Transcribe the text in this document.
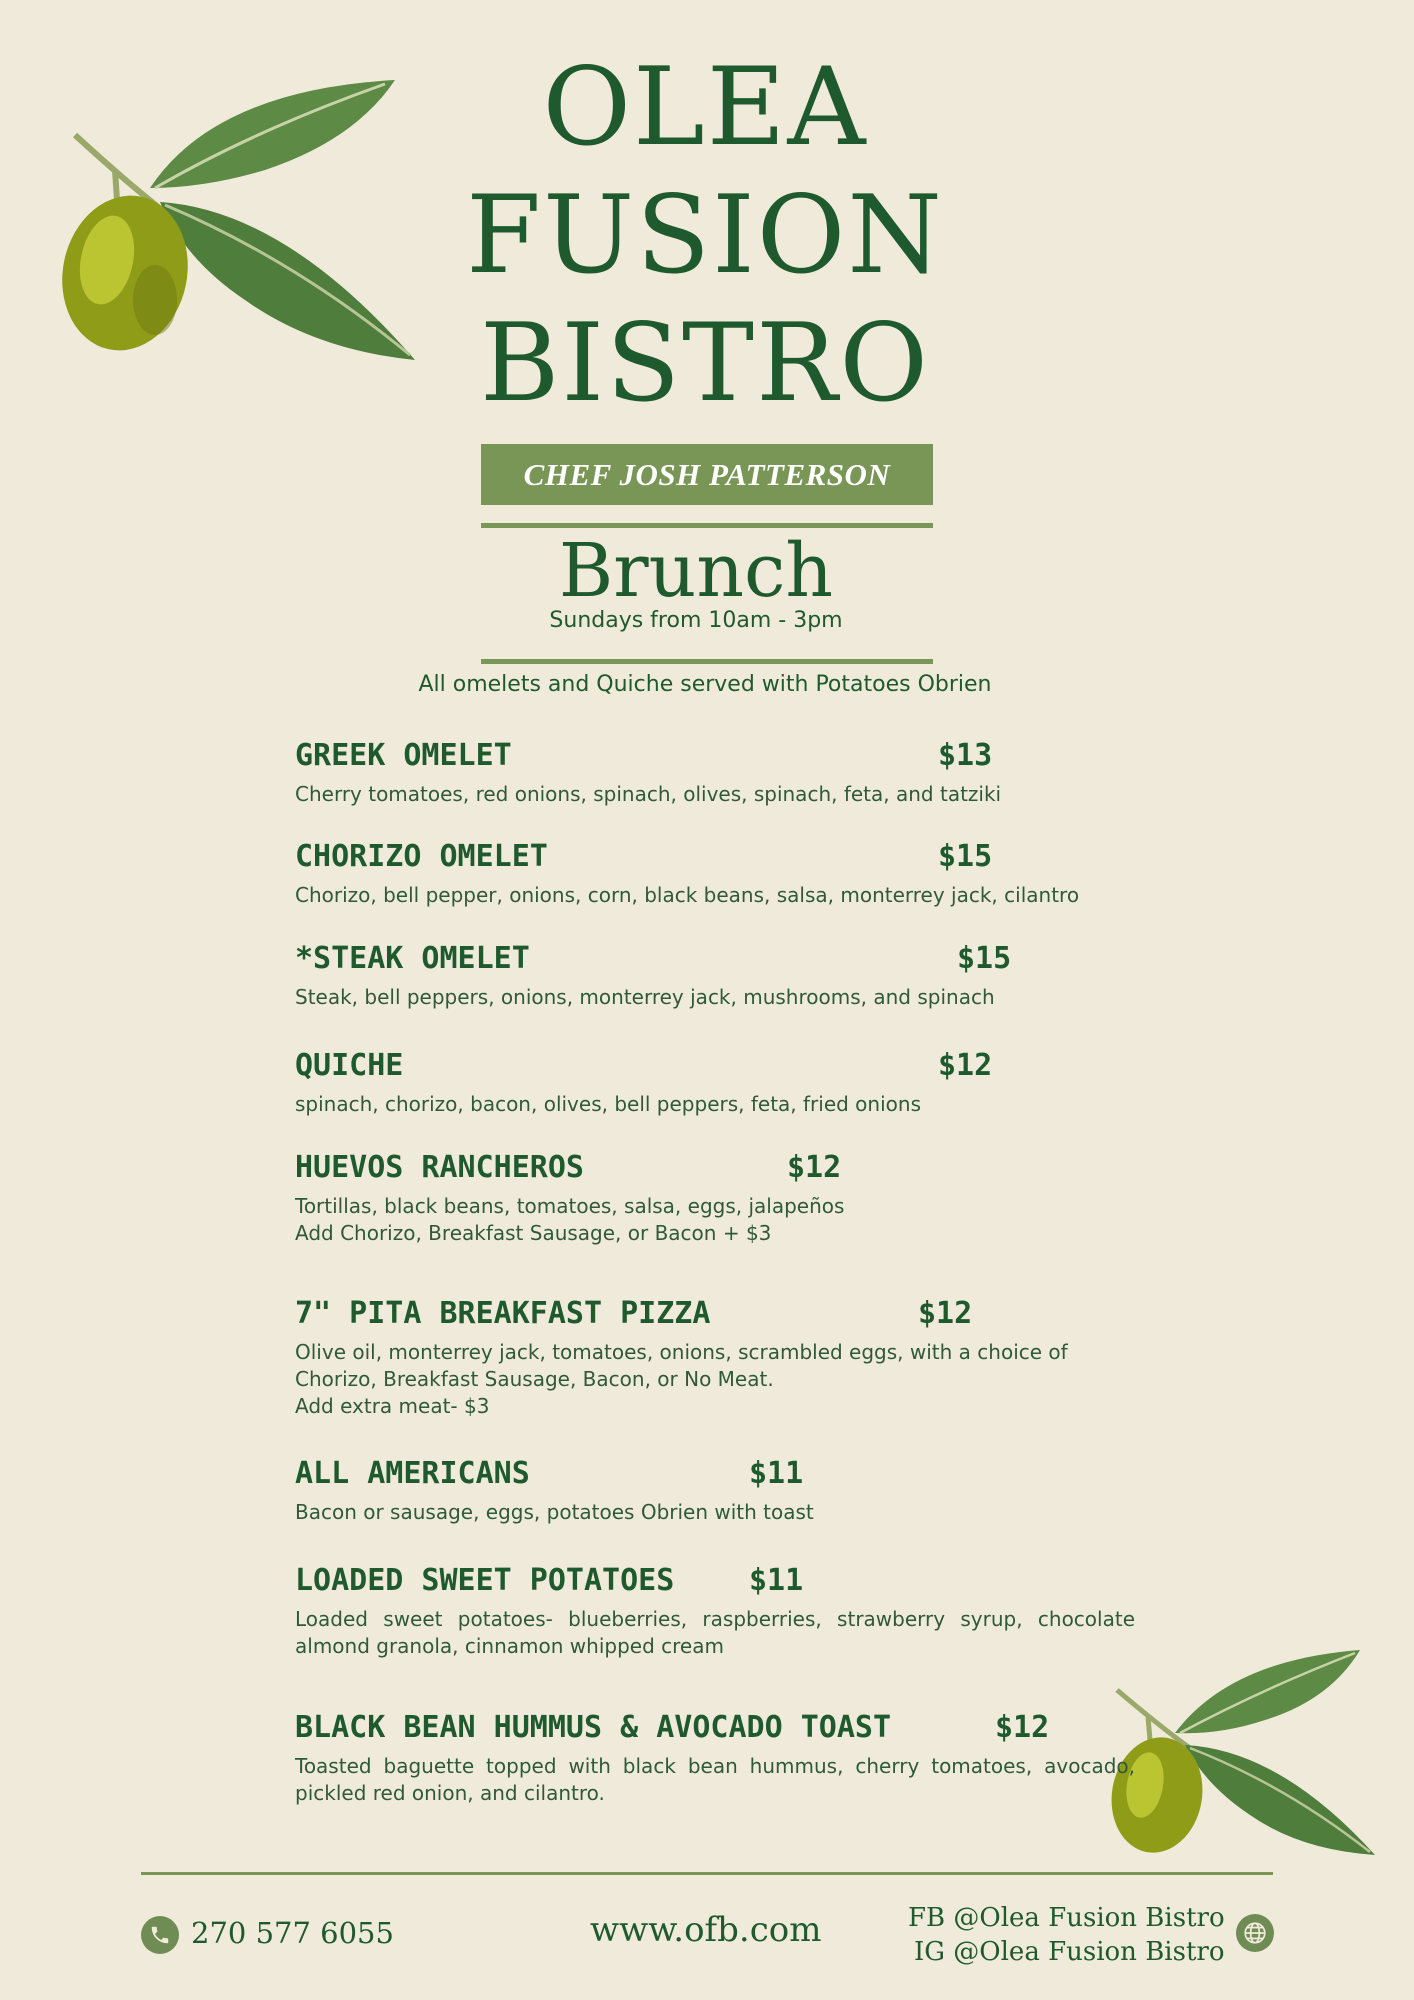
OLEA
FUSION
BISTRO
CHEF JOSH PATTERSON
Brunch
Sundays from 10am - 3pm
All omelets and Quiche served with Potatoes Obrien
GREEK OMELET	$13
Cherry tomatoes, red onions, spinach, olives, spinach, feta, and tatziki
CHORIZO OMELET	$15
Chorizo, bell pepper, onions, corn, black beans, salsa, monterrey jack, cilantro
*STEAK OMELET	$15
Steak, bell peppers, onions, monterrey jack, mushrooms, and spinach
QUICHE	$12
spinach, chorizo, bacon, olives, bell peppers, feta, fried onions
HUEVOS RANCHEROS	$12
Tortillas, black beans, tomatoes, salsa, eggs, jalapeños
Add Chorizo, Breakfast Sausage, or Bacon + $3
7" PITA BREAKFAST PIZZA	$12
Olive oil, monterrey jack, tomatoes, onions, scrambled eggs, with a choice of
Chorizo, Breakfast Sausage, Bacon, or No Meat.
Add extra meat- $3
ALL AMERICANS	$11
Bacon or sausage, eggs, potatoes Obrien with toast
LOADED SWEET POTATOES $11
Loaded sweet potatoes- blueberries, raspberries, strawberry syrup, chocolate almond granola, cinnamon whipped cream
BLACK BEAN HUMMUS & AVOCADO TOAST	$12
Toasted baguette topped with black bean hummus, cherry tomatoes, avocado, pickled red onion, and cilantro.
270 577 6055	www.ofb.com	FB @Olea Fusion Bistro
IG @Olea Fusion Bistro
